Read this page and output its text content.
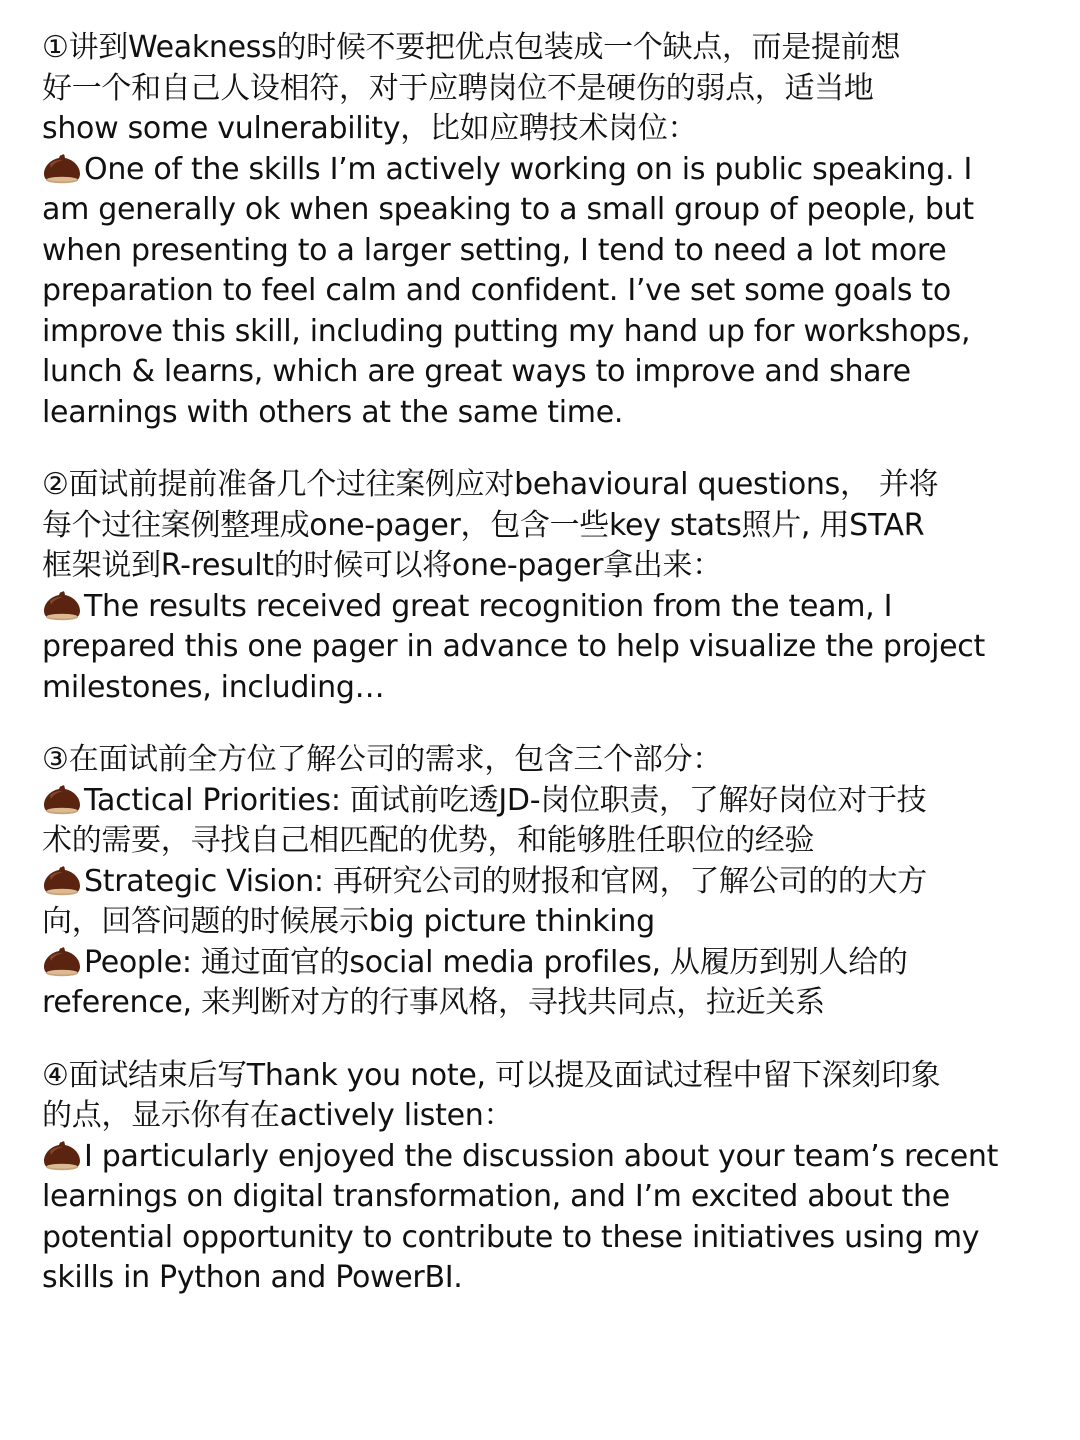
①讲到Weakness的时候不要把优点包装成一个缺点，而是提前想
好一个和自己人设相符，对于应聘岗位不是硬伤的弱点，适当地
show some vulnerability，比如应聘技术岗位：
One of the skills I’m actively working on is public speaking. I
am generally ok when speaking to a small group of people, but
when presenting to a larger setting, I tend to need a lot more
preparation to feel calm and confident. I’ve set some goals to
improve this skill, including putting my hand up for workshops,
lunch & learns, which are great ways to improve and share
learnings with others at the same time.
②面试前提前准备几个过往案例应对behavioural questions， 并将
每个过往案例整理成one-pager，包含一些key stats照片, 用STAR
框架说到R-result的时候可以将one-pager拿出来：
The results received great recognition from the team, I
prepared this one pager in advance to help visualize the project
milestones, including…
③在面试前全方位了解公司的需求，包含三个部分：
Tactical Priorities: 面试前吃透JD-岗位职责，了解好岗位对于技
术的需要，寻找自己相匹配的优势，和能够胜任职位的经验
Strategic Vision: 再研究公司的财报和官网，了解公司的的大方
向，回答问题的时候展示big picture thinking
People: 通过面官的social media profiles, 从履历到别人给的
reference, 来判断对方的行事风格，寻找共同点，拉近关系
④面试结束后写Thank you note, 可以提及面试过程中留下深刻印象
的点，显示你有在actively listen：
I particularly enjoyed the discussion about your team’s recent
learnings on digital transformation, and I’m excited about the
potential opportunity to contribute to these initiatives using my
skills in Python and PowerBI.
